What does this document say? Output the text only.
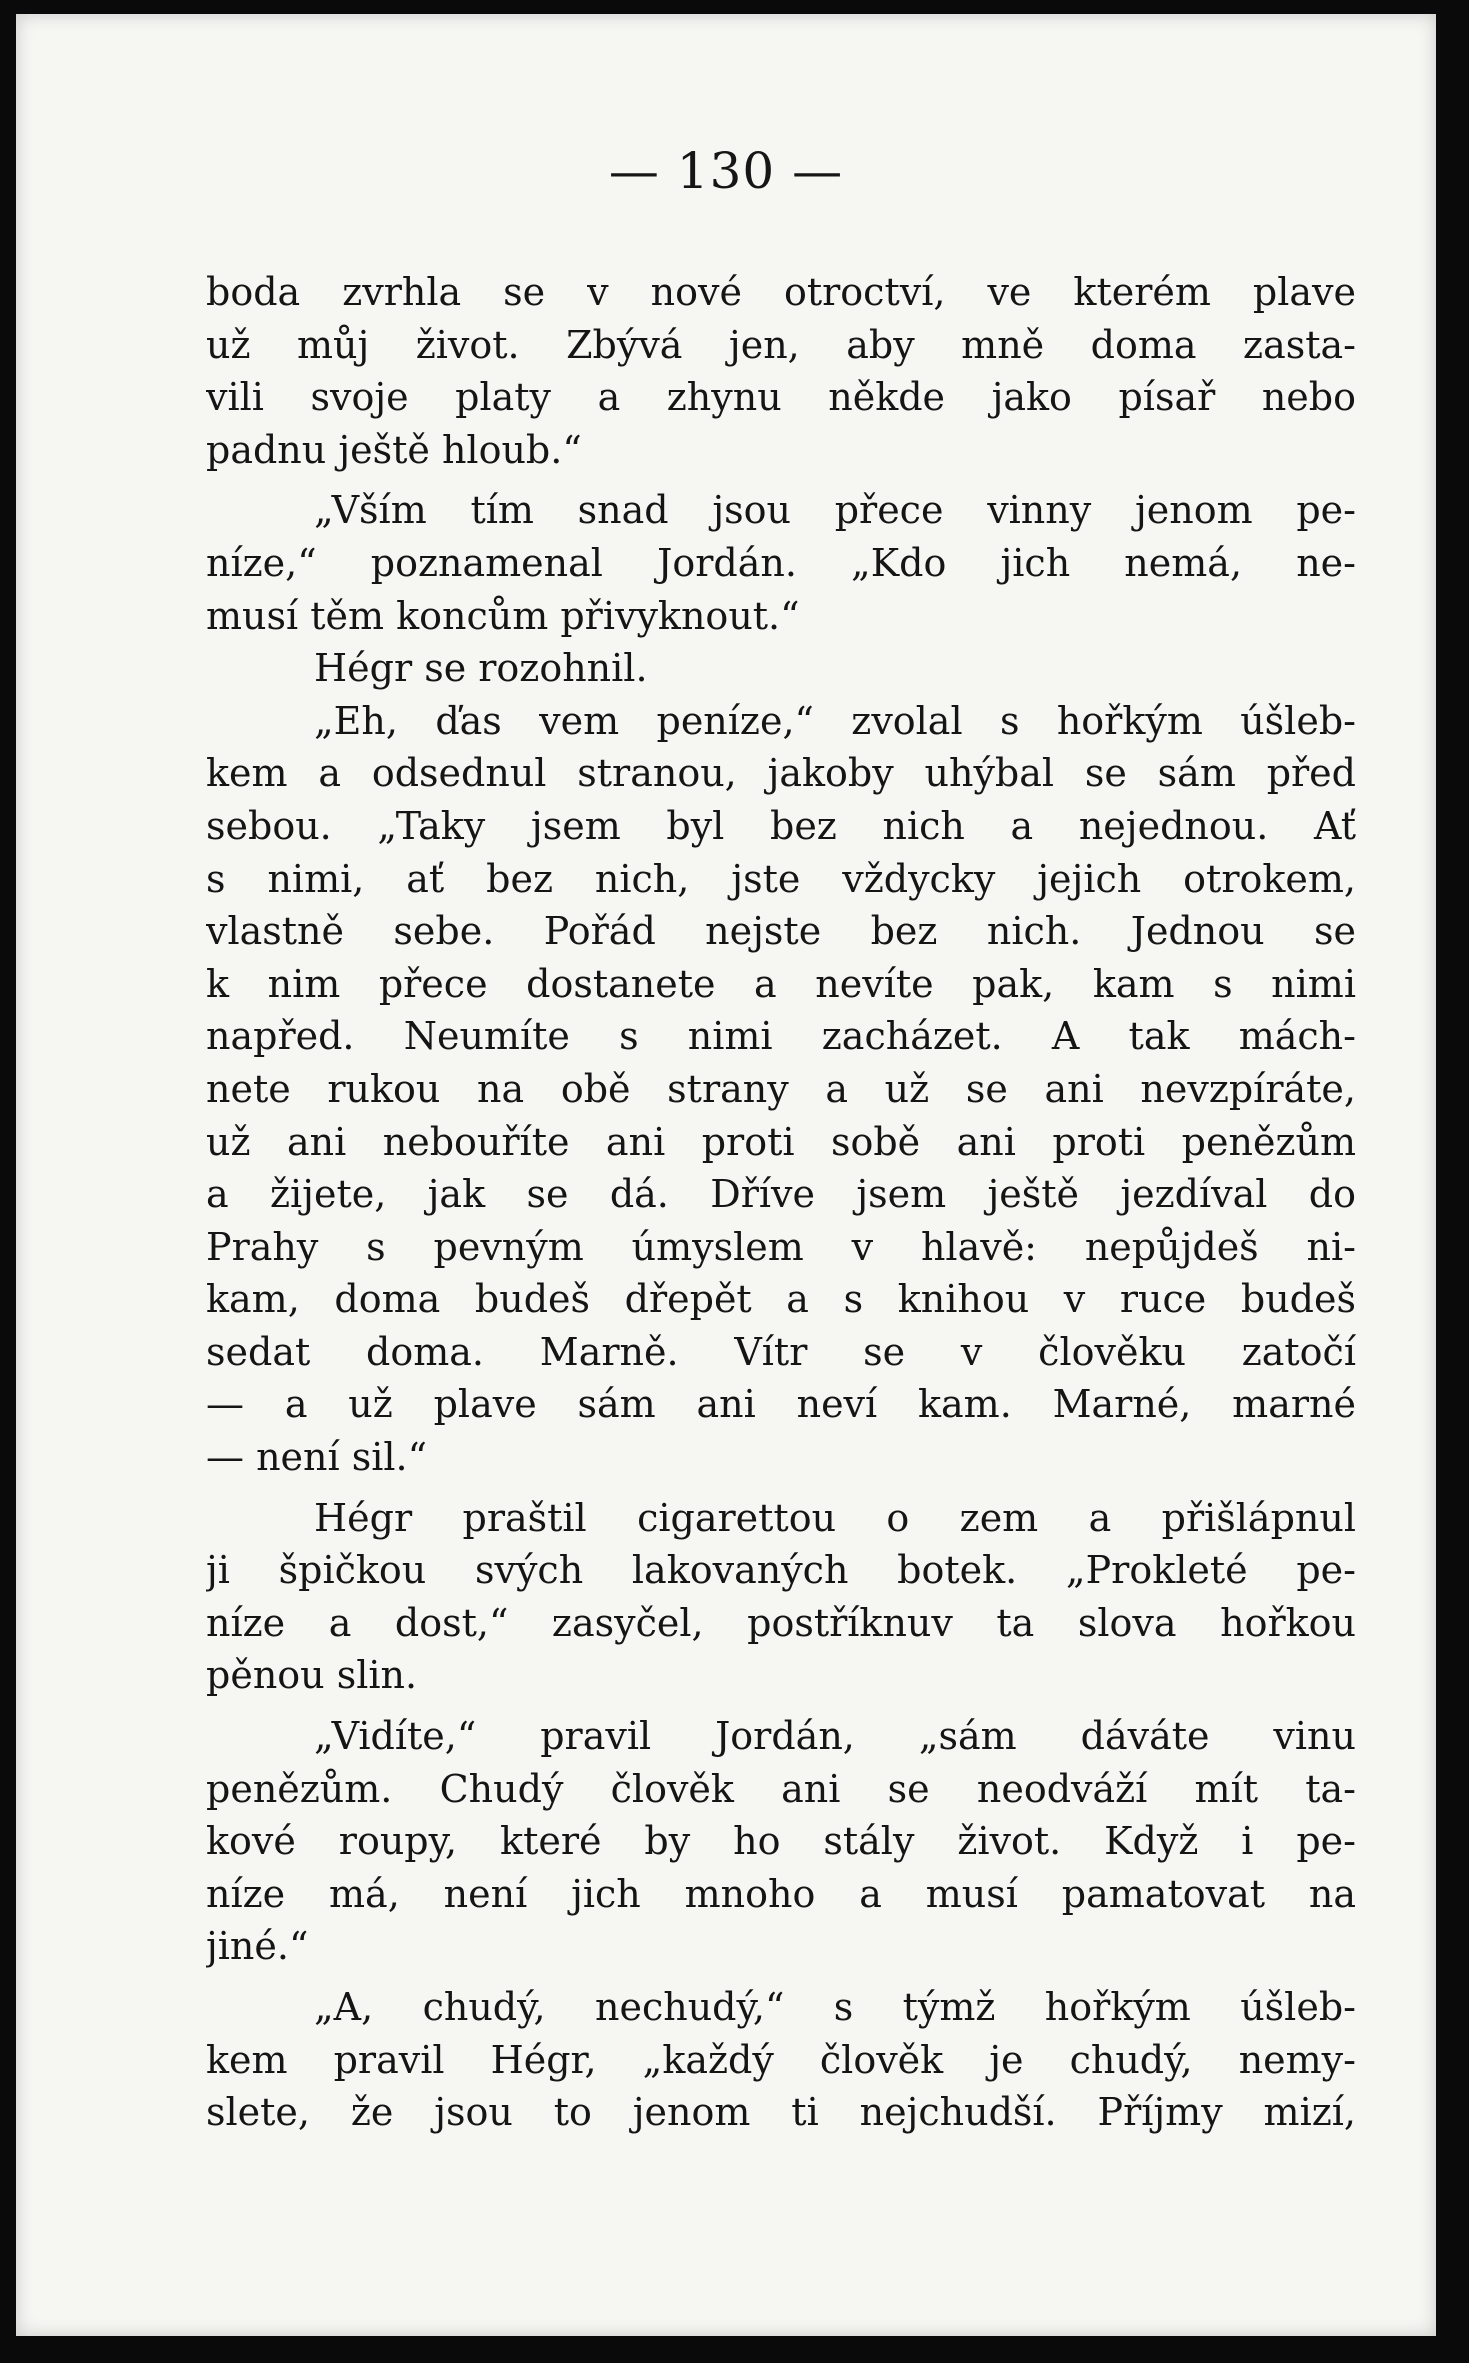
— 130 —
boda zvrhla se v nové otroctví, ve kterém plave
už můj život. Zbývá jen, aby mně doma zasta-
vili svoje platy a zhynu někde jako písař nebo
padnu ještě hloub.“
„Vším tím snad jsou přece vinny jenom pe-
níze,“ poznamenal Jordán. „Kdo jich nemá, ne-
musí těm koncům přivyknout.“
Hégr se rozohnil.
„Eh, ďas vem peníze,“ zvolal s hořkým úšleb-
kem a odsednul stranou, jakoby uhýbal se sám před
sebou. „Taky jsem byl bez nich a nejednou. Ať
s nimi, ať bez nich, jste vždycky jejich otrokem,
vlastně sebe. Pořád nejste bez nich. Jednou se
k nim přece dostanete a nevíte pak, kam s nimi
napřed. Neumíte s nimi zacházet. A tak mách-
nete rukou na obě strany a už se ani nevzpíráte,
už ani nebouříte ani proti sobě ani proti penězům
a žijete, jak se dá. Dříve jsem ještě jezdíval do
Prahy s pevným úmyslem v hlavě: nepůjdeš ni-
kam, doma budeš dřepět a s knihou v ruce budeš
sedat doma. Marně. Vítr se v člověku zatočí
— a už plave sám ani neví kam. Marné, marné
— není sil.“
Hégr praštil cigarettou o zem a přišlápnul
ji špičkou svých lakovaných botek. „Prokleté pe-
níze a dost,“ zasyčel, postříknuv ta slova hořkou
pěnou slin.
„Vidíte,“ pravil Jordán, „sám dáváte vinu
penězům. Chudý člověk ani se neodváží mít ta-
kové roupy, které by ho stály život. Když i pe-
níze má, není jich mnoho a musí pamatovat na
jiné.“
„A, chudý, nechudý,“ s týmž hořkým úšleb-
kem pravil Hégr, „každý člověk je chudý, nemy-
slete, že jsou to jenom ti nejchudší. Příjmy mizí,
